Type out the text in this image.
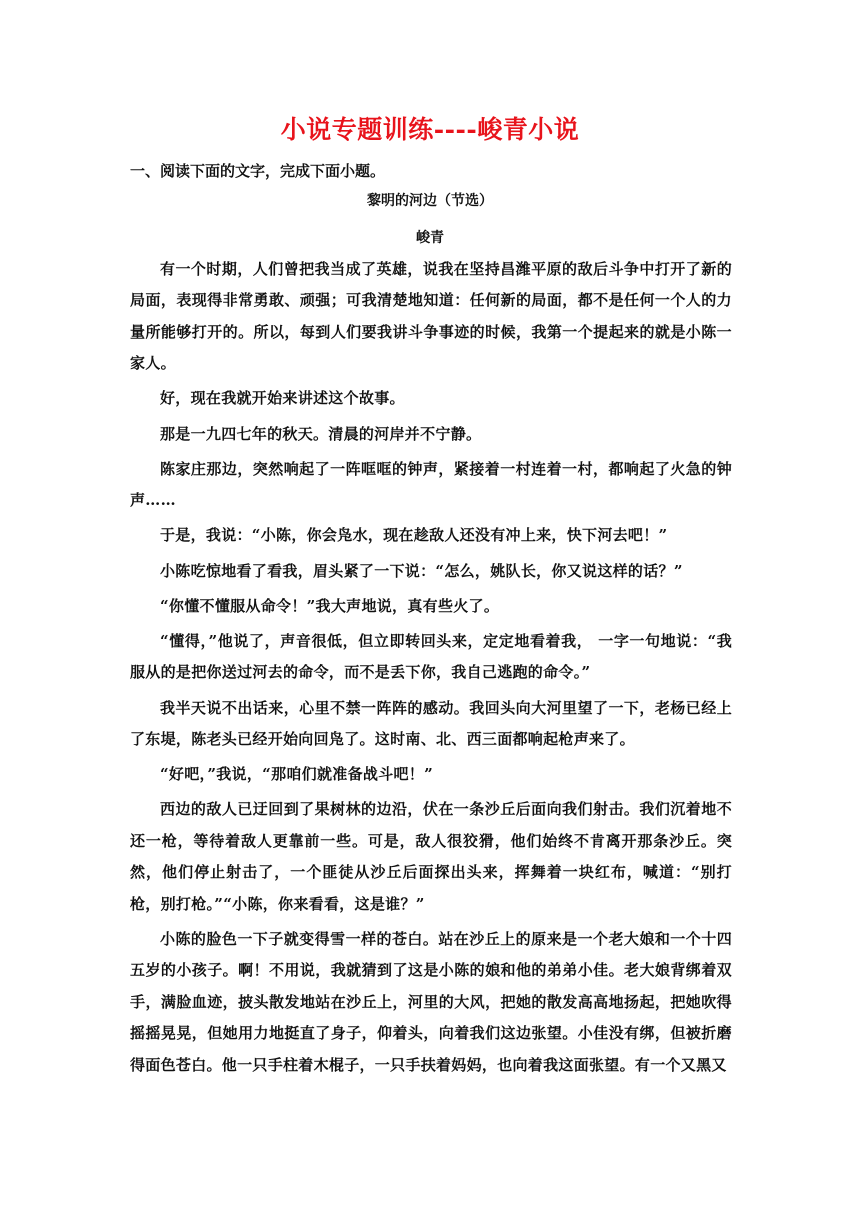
小说专题训练----峻青小说
一、阅读下面的文字，完成下面小题。
黎明的河边（节选）
峻青

有一个时期，人们曾把我当成了英雄，说我在坚持昌潍平原的敌后斗争中打开了新的局面，表现得非常勇敢、顽强；可我清楚地知道：任何新的局面，都不是任何一个人的力量所能够打开的。所以，每到人们要我讲斗争事迹的时候，我第一个提起来的就是小陈一家人。

好，现在我就开始来讲述这个故事。

那是一九四七年的秋天。清晨的河岸并不宁静。

陈家庄那边，突然响起了一阵哐哐的钟声，紧接着一村连着一村，都响起了火急的钟声……

于是，我说：“小陈，你会凫水，现在趁敌人还没有冲上来，快下河去吧！”

小陈吃惊地看了看我，眉头紧了一下说：“怎么，姚队长，你又说这样的话？”

“你懂不懂服从命令！”我大声地说，真有些火了。

“懂得，”他说了，声音很低，但立即转回头来，定定地看着我， 一字一句地说：“我服从的是把你送过河去的命令，而不是丢下你，我自己逃跑的命令。”

我半天说不出话来，心里不禁一阵阵的感动。我回头向大河里望了一下，老杨已经上了东堤，陈老头已经开始向回凫了。这时南、北、西三面都响起枪声来了。

“好吧，”我说，“那咱们就准备战斗吧！”

西边的敌人已迂回到了果树林的边沿，伏在一条沙丘后面向我们射击。我们沉着地不还一枪，等待着敌人更靠前一些。可是，敌人很狡猾，他们始终不肯离开那条沙丘。突然，他们停止射击了，一个匪徒从沙丘后面探出头来，挥舞着一块红布，喊道：“别打枪，别打枪。”“小陈，你来看看，这是谁？”

小陈的脸色一下子就变得雪一样的苍白。站在沙丘上的原来是一个老大娘和一个十四五岁的小孩子。啊！不用说，我就猜到了这是小陈的娘和他的弟弟小佳。老大娘背绑着双手，满脸血迹，披头散发地站在沙丘上，河里的大风，把她的散发高高地扬起，把她吹得摇摇晃晃，但她用力地挺直了身子，仰着头，向着我们这边张望。小佳没有绑，但被折磨得面色苍白。他一只手柱着木棍子，一只手扶着妈妈，也向着我这面张望。有一个又黑又
